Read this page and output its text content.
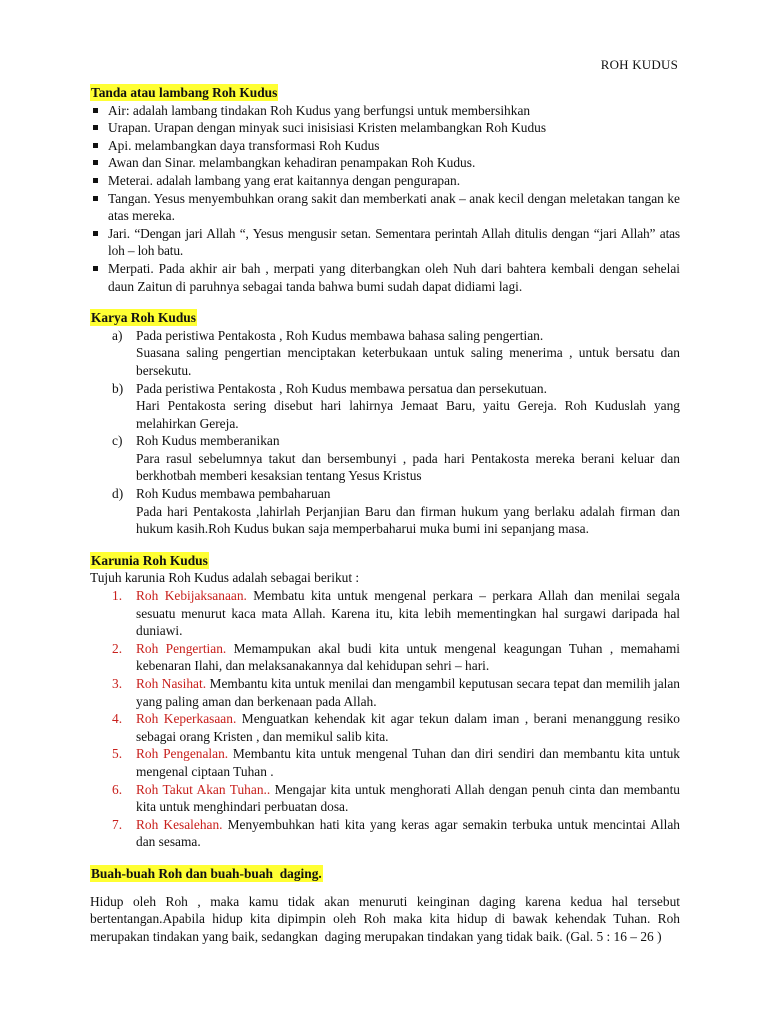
ROH KUDUS

Tanda atau lambang Roh Kudus

Air: adalah lambang tindakan Roh Kudus yang berfungsi untuk membersihkan
Urapan. Urapan dengan minyak suci inisisiasi Kristen melambangkan Roh Kudus
Api. melambangkan daya transformasi Roh Kudus
Awan dan Sinar. melambangkan kehadiran penampakan Roh Kudus.
Meterai. adalah lambang yang erat kaitannya dengan pengurapan.
Tangan. Yesus menyembuhkan orang sakit dan memberkati anak – anak kecil dengan meletakan tangan ke atas mereka.
Jari. “Dengan jari Allah “, Yesus mengusir setan. Sementara perintah Allah ditulis dengan “jari Allah” atas loh – loh batu.
Merpati. Pada akhir air bah , merpati yang diterbangkan oleh Nuh dari bahtera kembali dengan sehelai daun Zaitun di paruhnya sebagai tanda bahwa bumi sudah dapat didiami lagi.

Karya Roh Kudus

a) Pada peristiwa Pentakosta , Roh Kudus membawa bahasa saling pengertian.
Suasana saling pengertian menciptakan keterbukaan untuk saling menerima , untuk bersatu dan bersekutu.
b) Pada peristiwa Pentakosta , Roh Kudus membawa persatua dan persekutuan.
Hari Pentakosta sering disebut hari lahirnya Jemaat Baru, yaitu Gereja. Roh Kuduslah yang melahirkan Gereja.
c) Roh Kudus memberanikan
Para rasul sebelumnya takut dan bersembunyi , pada hari Pentakosta mereka berani keluar dan berkhotbah memberi kesaksian tentang Yesus Kristus
d) Roh Kudus membawa pembaharuan
Pada hari Pentakosta ,lahirlah Perjanjian Baru dan firman hukum yang berlaku adalah firman dan hukum kasih.Roh Kudus bukan saja memperbaharui muka bumi ini sepanjang masa.

Karunia Roh Kudus

Tujuh karunia Roh Kudus adalah sebagai berikut :

1. Roh Kebijaksanaan. Membatu kita untuk mengenal perkara – perkara Allah dan menilai segala sesuatu menurut kaca mata Allah. Karena itu, kita lebih mementingkan hal surgawi daripada hal duniawi.
2. Roh Pengertian. Memampukan akal budi kita untuk mengenal keagungan Tuhan , memahami kebenaran Ilahi, dan melaksanakannya dal kehidupan sehri – hari.
3. Roh Nasihat. Membantu kita untuk menilai dan mengambil keputusan secara tepat dan memilih jalan yang paling aman dan berkenaan pada Allah.
4. Roh Keperkasaan. Menguatkan kehendak kit agar tekun dalam iman , berani menanggung resiko sebagai orang Kristen , dan memikul salib kita.
5. Roh Pengenalan. Membantu kita untuk mengenal Tuhan dan diri sendiri dan membantu kita untuk mengenal ciptaan Tuhan .
6. Roh Takut Akan Tuhan.. Mengajar kita untuk menghorati Allah dengan penuh cinta dan membantu kita untuk menghindari perbuatan dosa.
7. Roh Kesalehan. Menyembuhkan hati kita yang keras agar semakin terbuka untuk mencintai Allah dan sesama.

Buah-buah Roh dan buah-buah  daging.

Hidup oleh Roh , maka kamu tidak akan menuruti keinginan daging karena kedua hal tersebut bertentangan.Apabila hidup kita dipimpin oleh Roh maka kita hidup di bawak kehendak Tuhan. Roh merupakan tindakan yang baik, sedangkan  daging merupakan tindakan yang tidak baik. (Gal. 5 : 16 – 26 )
